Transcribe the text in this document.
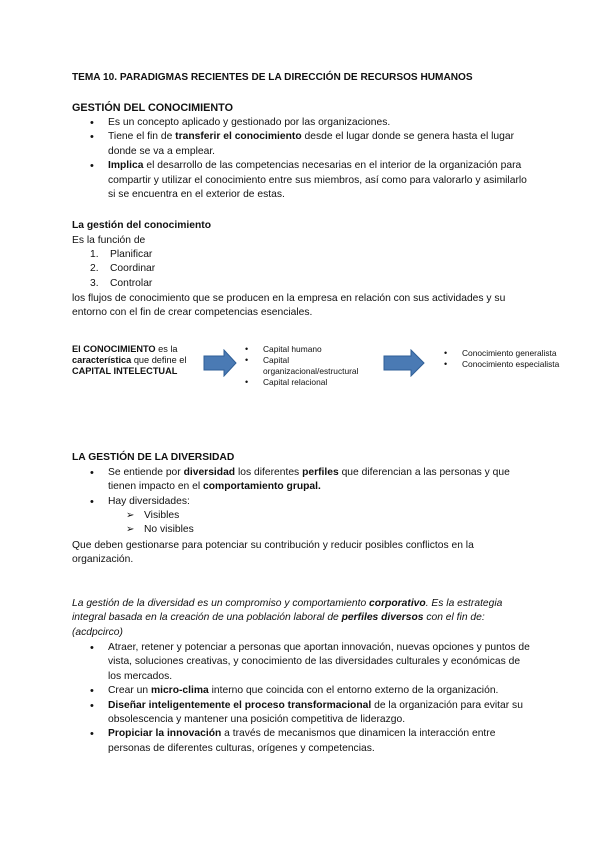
TEMA 10. PARADIGMAS RECIENTES DE LA DIRECCIÓN DE RECURSOS HUMANOS
GESTIÓN DEL CONOCIMIENTO
• Es un concepto aplicado y gestionado por las organizaciones.
• Tiene el fin de transferir el conocimiento desde el lugar donde se genera hasta el lugar donde se va a emplear.
• Implica el desarrollo de las competencias necesarias en el interior de la organización para compartir y utilizar el conocimiento entre sus miembros, así como para valorarlo y asimilarlo si se encuentra en el exterior de estas.
La gestión del conocimiento
Es la función de
1. Planificar
2. Coordinar
3. Controlar
los flujos de conocimiento que se producen en la empresa en relación con sus actividades y su entorno con el fin de crear competencias esenciales.
El CONOCIMIENTO es la característica que define el CAPITAL INTELECTUAL
• Capital humano
• Capital organizacional/estructural
• Capital relacional
• Conocimiento generalista
• Conocimiento especialista
LA GESTIÓN DE LA DIVERSIDAD
• Se entiende por diversidad los diferentes perfiles que diferencian a las personas y que tienen impacto en el comportamiento grupal.
• Hay diversidades:
➢ Visibles
➢ No visibles
Que deben gestionarse para potenciar su contribución y reducir posibles conflictos en la organización.
La gestión de la diversidad es un compromiso y comportamiento corporativo. Es la estrategia integral basada en la creación de una población laboral de perfiles diversos con el fin de:(acdpcirco)
• Atraer, retener y potenciar a personas que aportan innovación, nuevas opciones y puntos de vista, soluciones creativas, y conocimiento de las diversidades culturales y económicas de los mercados.
• Crear un micro-clima interno que coincida con el entorno externo de la organización.
• Diseñar inteligentemente el proceso transformacional de la organización para evitar su obsolescencia y mantener una posición competitiva de liderazgo.
• Propiciar la innovación a través de mecanismos que dinamicen la interacción entre personas de diferentes culturas, orígenes y competencias.
